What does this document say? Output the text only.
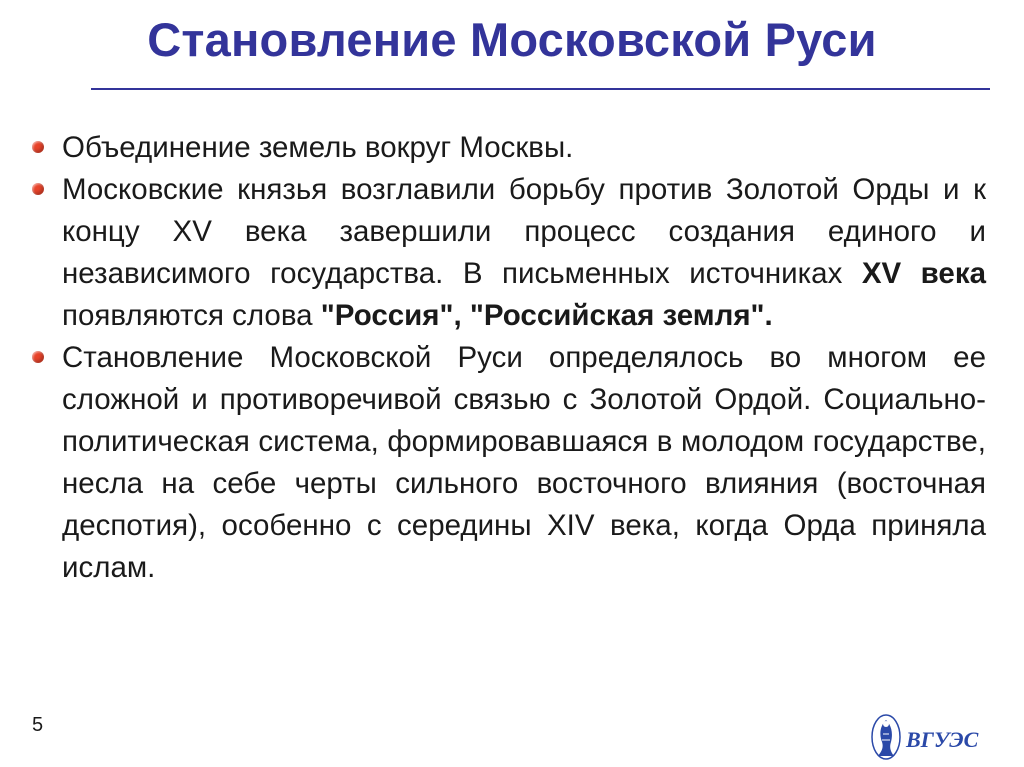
Становление Московской Руси
Объединение земель вокруг Москвы.
Московские князья возглавили борьбу против Золотой Орды и к концу XV века завершили процесс создания единого и независимого государства. В письменных источниках XV века появляются слова "Россия", "Российская земля".
Становление Московской Руси определялось во многом ее сложной и противоречивой связью с Золотой Ордой. Социально-политическая система, формировавшаяся в молодом государстве, несла на себе черты сильного восточного влияния (восточная деспотия), особенно с середины XIV века, когда Орда приняла ислам.
5
ВГУЭС
